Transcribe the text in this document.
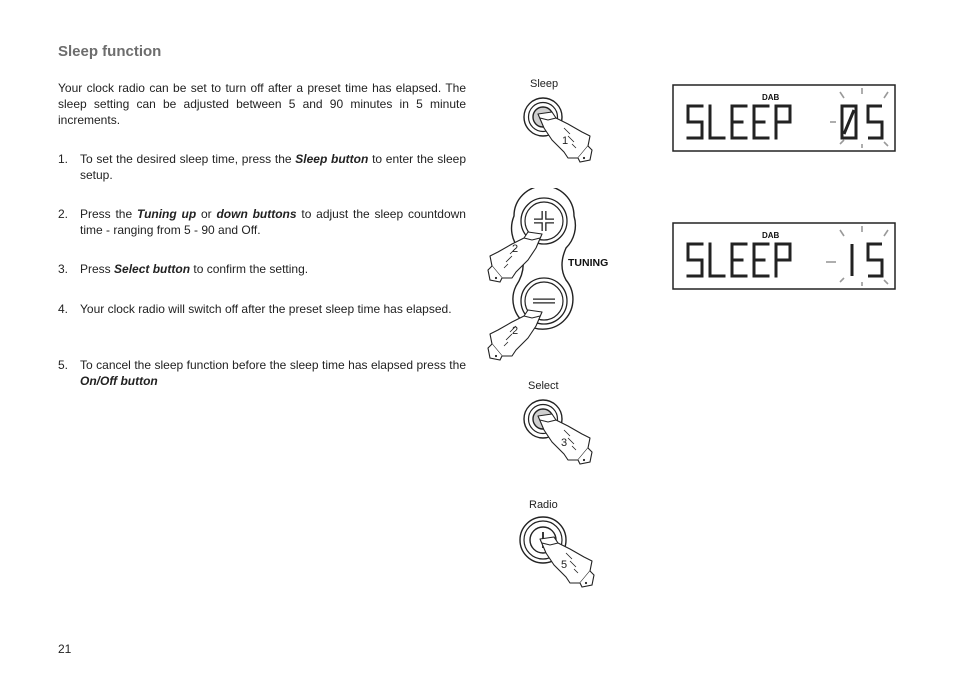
Sleep function
Your clock radio can be set to turn off after a preset time has elapsed. The sleep setting can be adjusted between 5 and 90 minutes in 5 minute increments.
1. To set the desired sleep time, press the Sleep button to enter the sleep setup.
2. Press the Tuning up or down buttons to adjust the sleep countdown time - ranging from 5 - 90 and Off.
3. Press Select button to confirm the setting.
4. Your clock radio will switch off after the preset sleep time has elapsed.
5. To cancel the sleep function before the sleep time has elapsed press the On/Off button
21
Sleep
1
TUNING
2
2
Select
3
Radio
5
DAB
DAB
